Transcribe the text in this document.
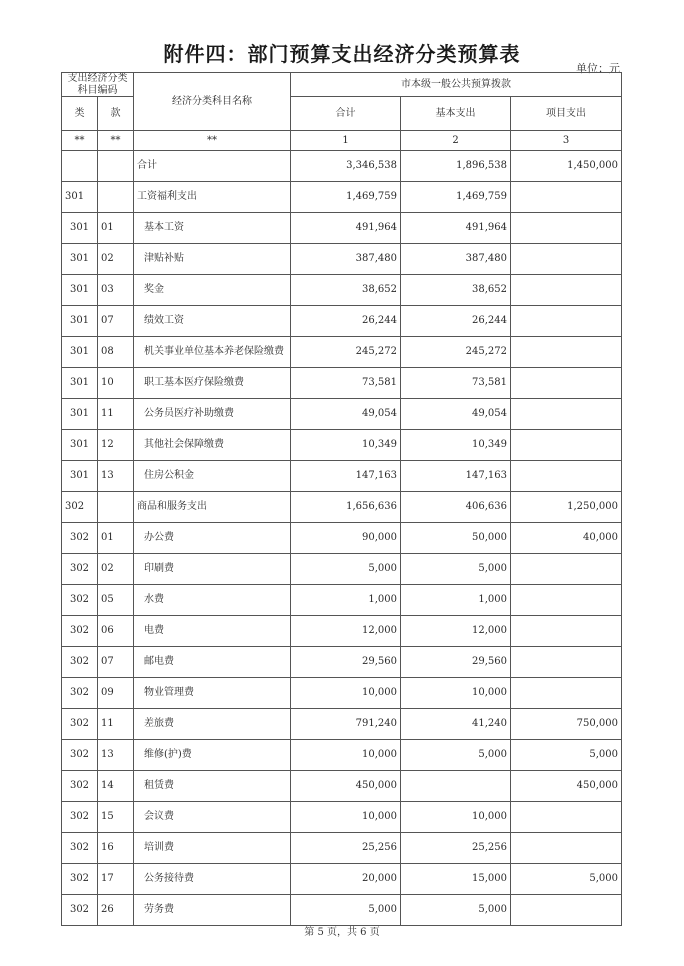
附件四：部门预算支出经济分类预算表
单位：元
支出经济分类科目编码		经济分类科目名称	市本级一般公共预算拨款		
类	款		合计	基本支出	项目支出
**	**	**	1	2	3
		合计	3,346,538	1,896,538	1,450,000
301		工资福利支出	1,469,759	1,469,759	
301	01	基本工资	491,964	491,964	
301	02	津贴补贴	387,480	387,480	
301	03	奖金	38,652	38,652	
301	07	绩效工资	26,244	26,244	
301	08	机关事业单位基本养老保险缴费	245,272	245,272	
301	10	职工基本医疗保险缴费	73,581	73,581	
301	11	公务员医疗补助缴费	49,054	49,054	
301	12	其他社会保障缴费	10,349	10,349	
301	13	住房公积金	147,163	147,163	
302		商品和服务支出	1,656,636	406,636	1,250,000
302	01	办公费	90,000	50,000	40,000
302	02	印刷费	5,000	5,000	
302	05	水费	1,000	1,000	
302	06	电费	12,000	12,000	
302	07	邮电费	29,560	29,560	
302	09	物业管理费	10,000	10,000	
302	11	差旅费	791,240	41,240	750,000
302	13	维修(护)费	10,000	5,000	5,000
302	14	租赁费	450,000		450,000
302	15	会议费	10,000	10,000	
302	16	培训费	25,256	25,256	
302	17	公务接待费	20,000	15,000	5,000
302	26	劳务费	5,000	5,000	
第 5 页，共 6 页
